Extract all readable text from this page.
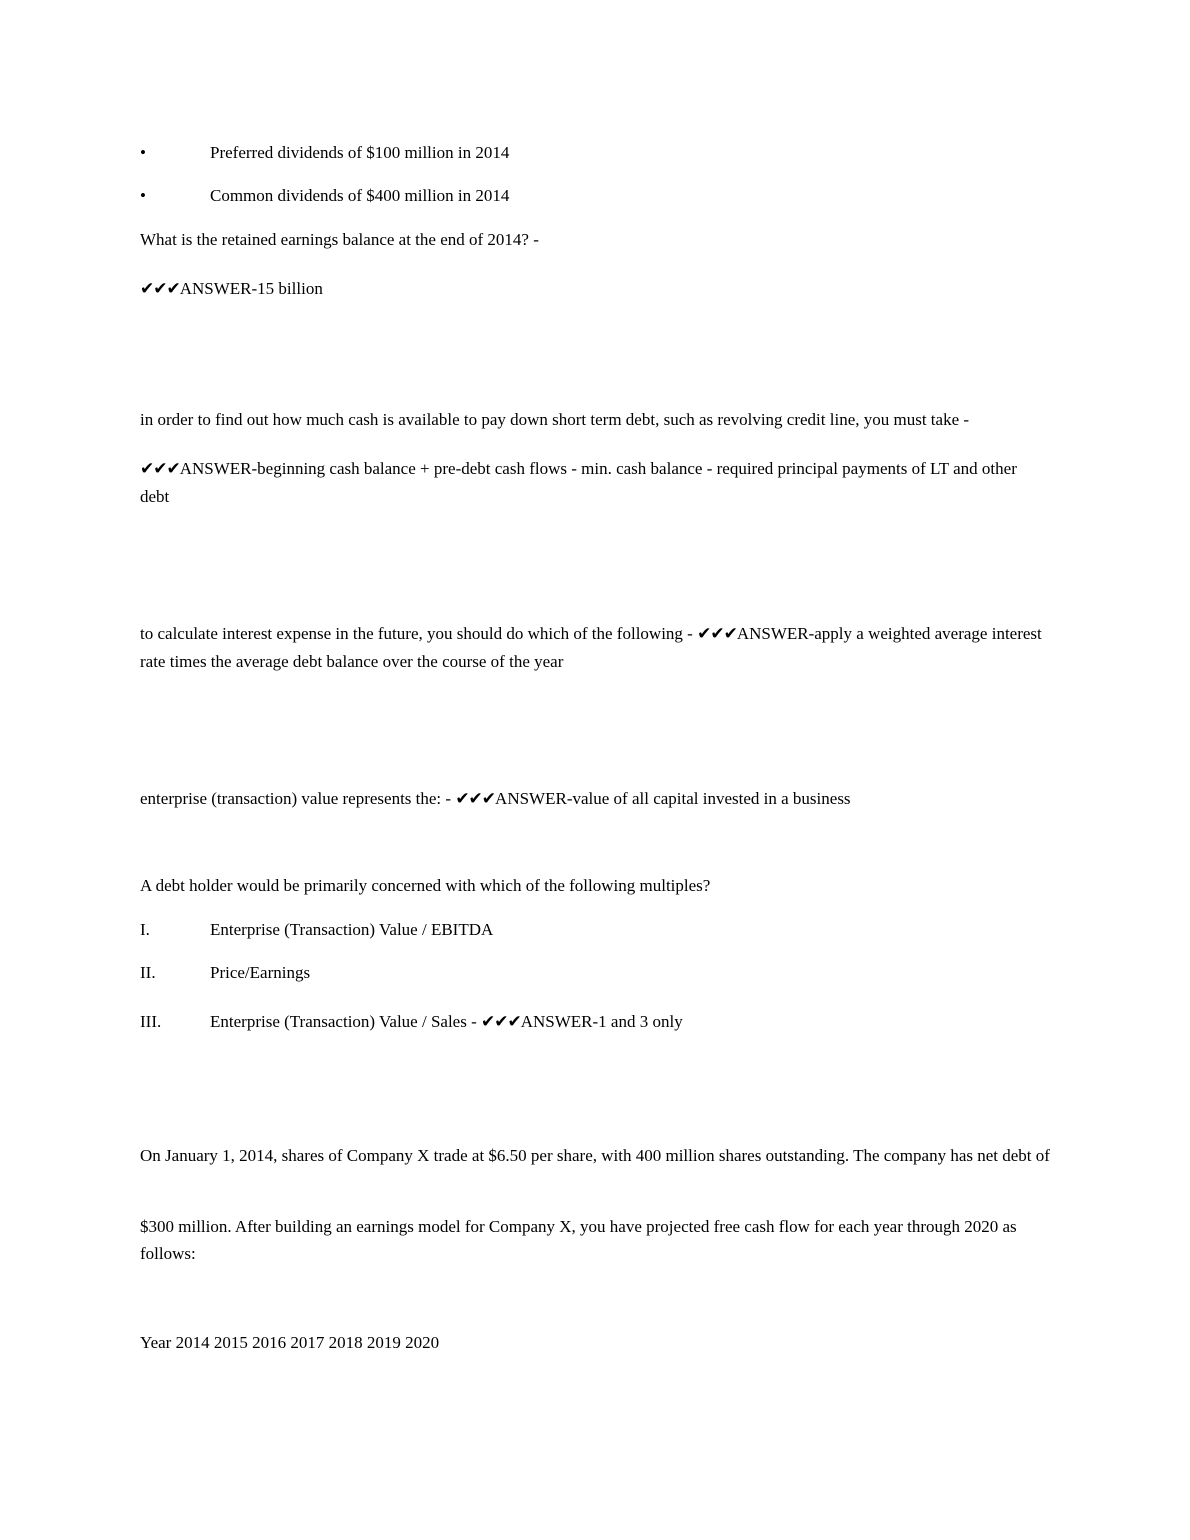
•	Preferred dividends of $100 million in 2014
•	Common dividends of $400 million in 2014
What is the retained earnings balance at the end of 2014? -
✔✔✔ANSWER-15 billion
in order to find out how much cash is available to pay down short term debt, such as revolving credit line, you must take -
✔✔✔ANSWER-beginning cash balance + pre-debt cash flows - min. cash balance - required principal payments of LT and other debt
to calculate interest expense in the future, you should do which of the following - ✔✔✔ANSWER-apply a weighted average interest rate times the average debt balance over the course of the year
enterprise (transaction) value represents the: - ✔✔✔ANSWER-value of all capital invested in a business
A debt holder would be primarily concerned with which of the following multiples?
I.	Enterprise (Transaction) Value / EBITDA
II.	Price/Earnings
III.	Enterprise (Transaction) Value / Sales - ✔✔✔ANSWER-1 and 3 only
On January 1, 2014, shares of Company X trade at $6.50 per share, with 400 million shares outstanding. The company has net debt of
$300 million. After building an earnings model for Company X, you have projected free cash flow for each year through 2020 as follows:
Year 2014 2015 2016 2017 2018 2019 2020
